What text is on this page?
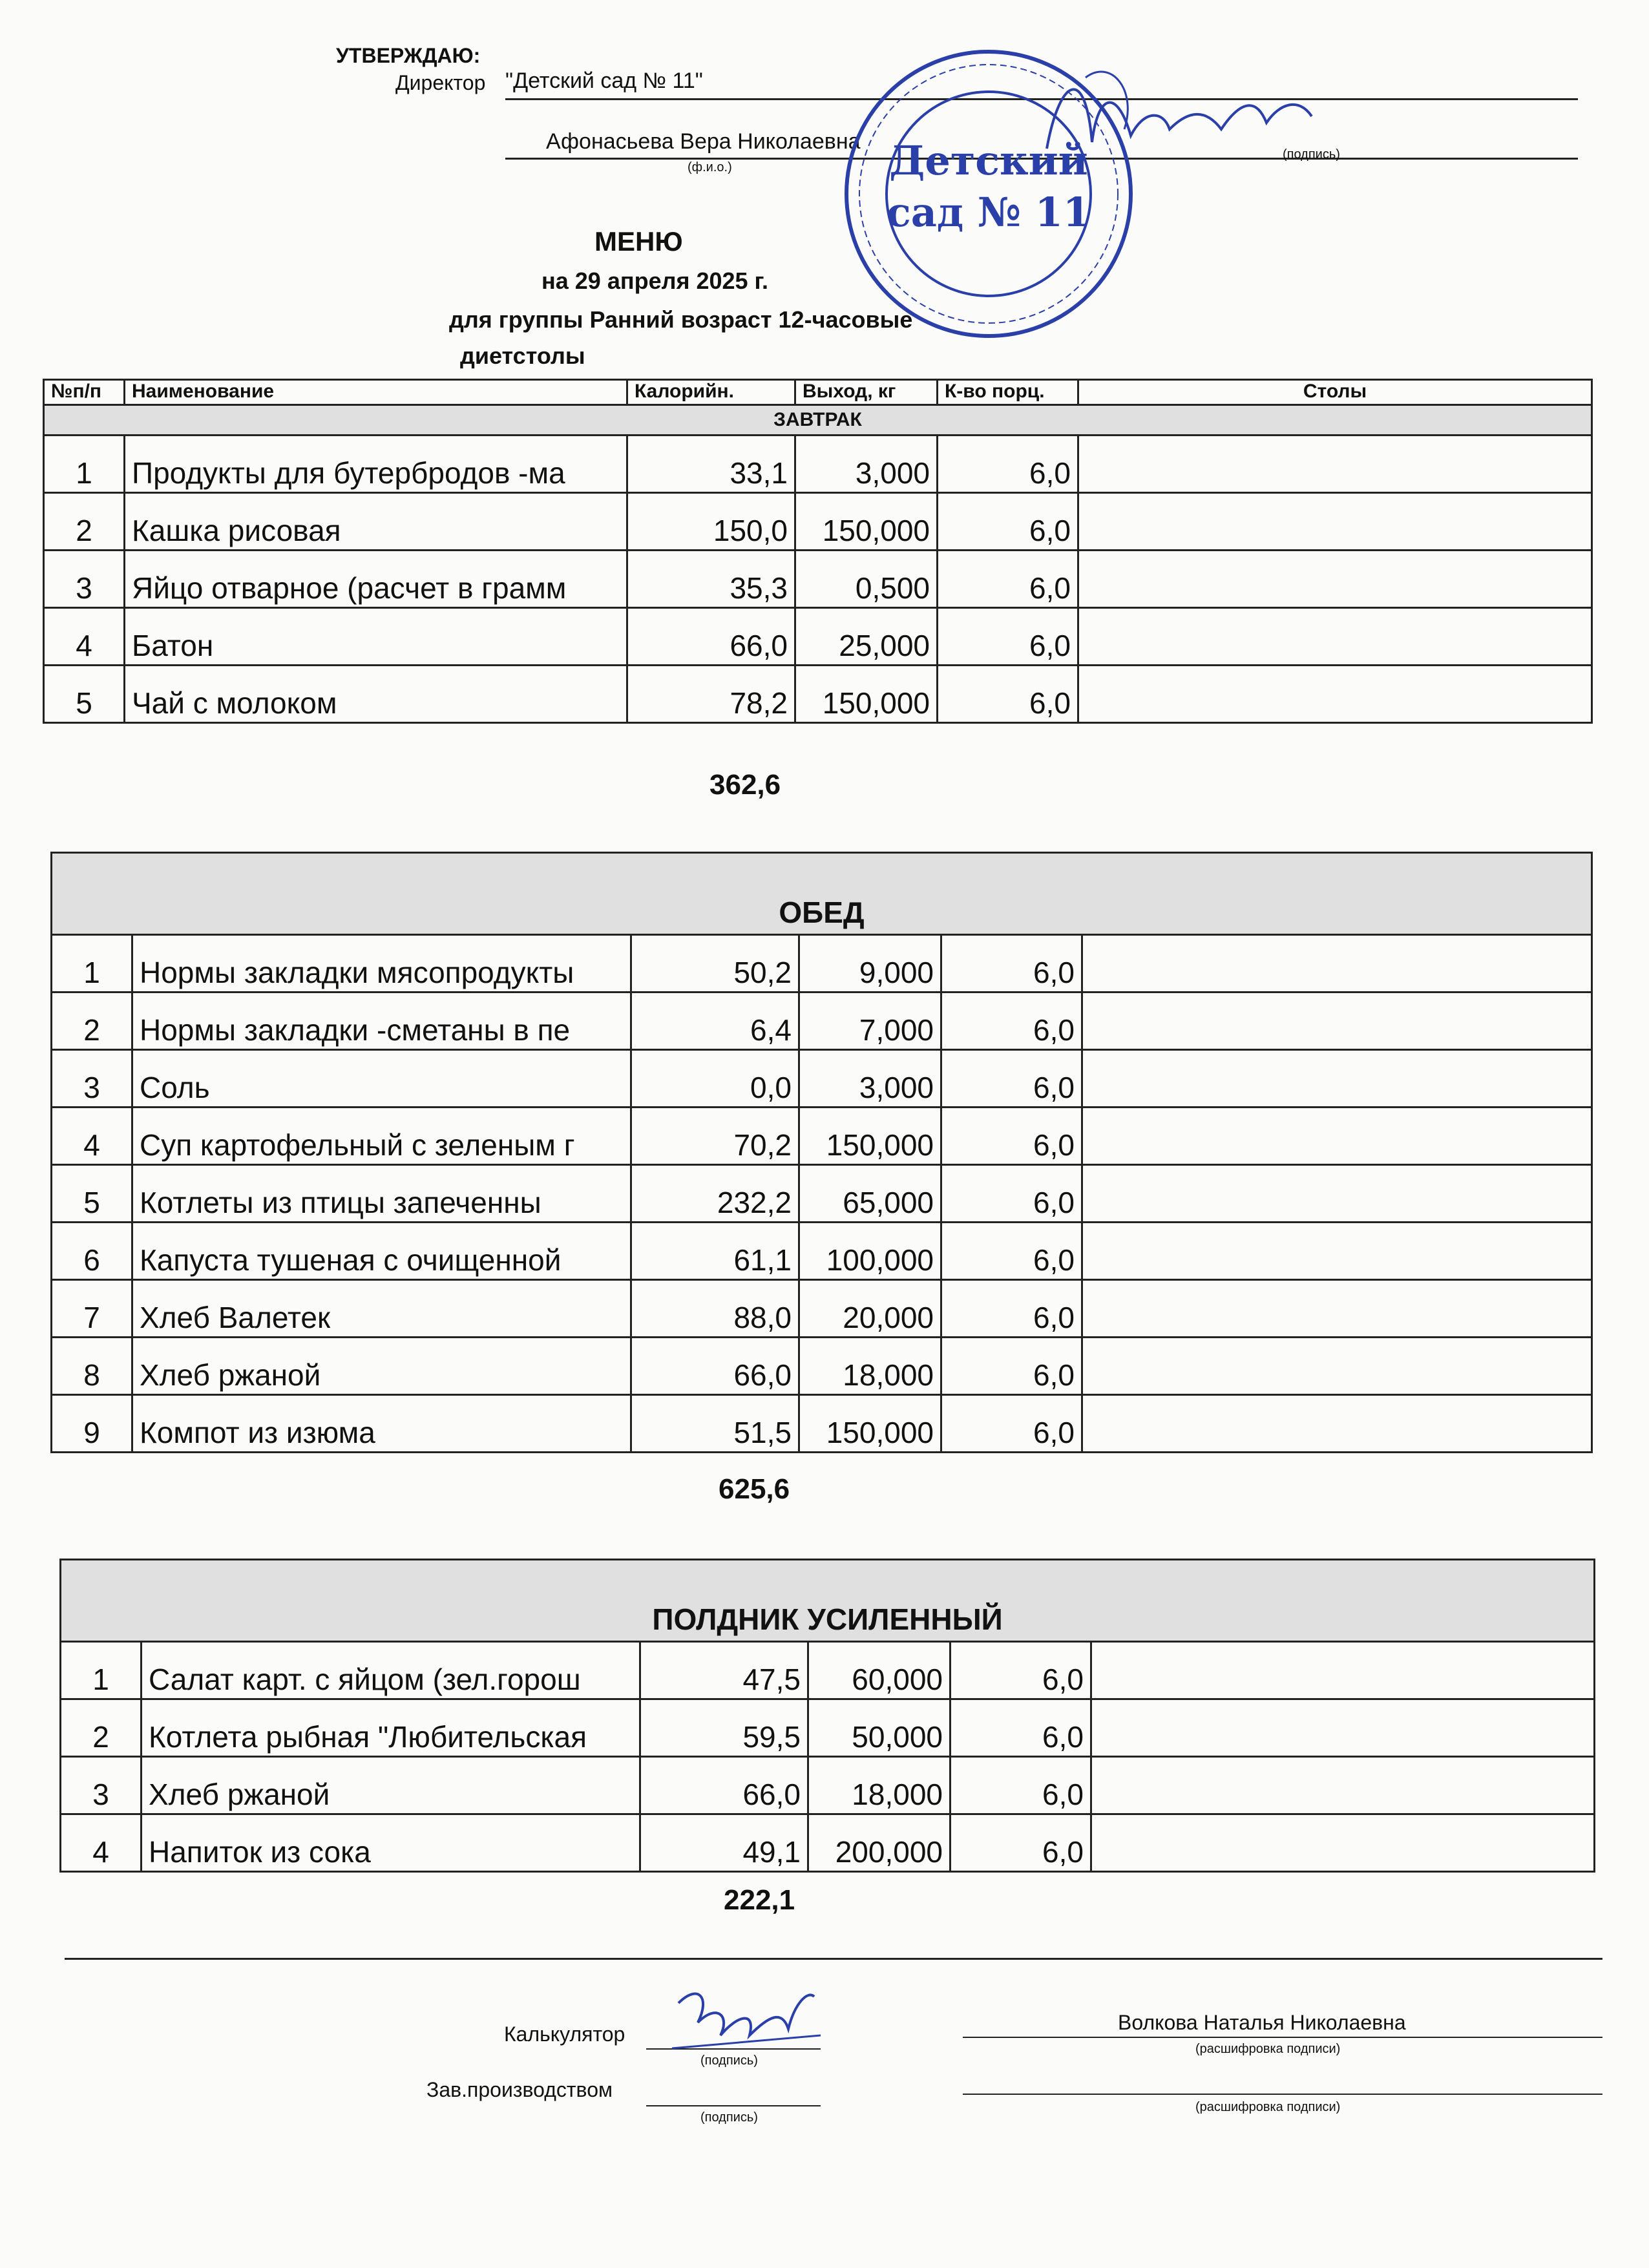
УТВЕРЖДАЮ:
Директор "Детский сад № 11"
Афонасьева Вера Николаевна
(ф.и.о.)
(подпись)
Детский
сад № 11
МЕНЮ
на 29 апреля 2025 г.
для группы Ранний возраст 12-часовые
диетстолы
№п/п	Наименование	Калорийн.	Выход, кг	К-во порц.	Столы
ЗАВТРАК					
1	Продукты для бутербродов -ма	33,1	3,000	6,0	
2	Кашка рисовая	150,0	150,000	6,0	
3	Яйцо отварное (расчет в грамм	35,3	0,500	6,0	
4	Батон	66,0	25,000	6,0	
5	Чай с молоком	78,2	150,000	6,0	
362,6
ОБЕД					
1	Нормы закладки мясопродукты	50,2	9,000	6,0	
2	Нормы закладки -сметаны в пе	6,4	7,000	6,0	
3	Соль	0,0	3,000	6,0	
4	Суп картофельный с зеленым г	70,2	150,000	6,0	
5	Котлеты из птицы запеченны	232,2	65,000	6,0	
6	Капуста тушеная с очищенной	61,1	100,000	6,0	
7	Хлеб Валетек	88,0	20,000	6,0	
8	Хлеб ржаной	66,0	18,000	6,0	
9	Компот из изюма	51,5	150,000	6,0	
625,6
ПОЛДНИК УСИЛЕННЫЙ					
1	Салат карт. с яйцом (зел.горош	47,5	60,000	6,0	
2	Котлета рыбная "Любительская	59,5	50,000	6,0	
3	Хлеб ржаной	66,0	18,000	6,0	
4	Напиток из сока	49,1	200,000	6,0	
222,1
Калькулятор
(подпись)
Волкова Наталья Николаевна
(расшифровка подписи)
Зав.производством
(подпись)
(расшифровка подписи)
